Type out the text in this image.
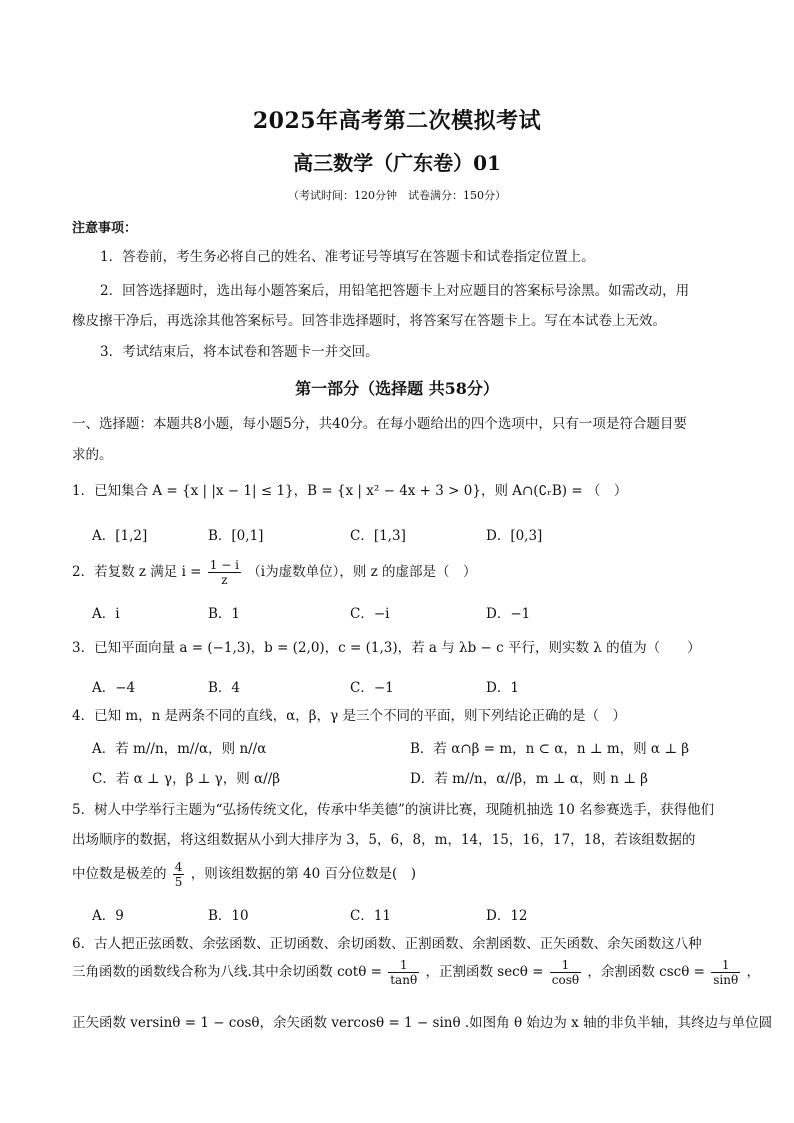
2025年高考第二次模拟考试
高三数学（广东卷）01
（考试时间：120分钟　试卷满分：150分）
注意事项：
1．答卷前，考生务必将自己的姓名、准考证号等填写在答题卡和试卷指定位置上。
2．回答选择题时，选出每小题答案后，用铅笔把答题卡上对应题目的答案标号涂黑。如需改动，用
橡皮擦干净后，再选涂其他答案标号。回答非选择题时，将答案写在答题卡上。写在本试卷上无效。
3．考试结束后，将本试卷和答题卡一并交回。
第一部分（选择题 共58分）
一、选择题：本题共8小题，每小题5分，共40分。在每小题给出的四个选项中，只有一项是符合题目要
求的。
1．已知集合 A = {x | |x − 1| ≤ 1}，B = {x | x² − 4x + 3 > 0}，则 A∩(∁ᵣB) = （　）
A．[1,2]	B．[0,1]	C．[1,3]	D．[0,3]
2．若复数 z 满足 $i = \frac{1 - i}{z} (i$为虚数单位），则 z 的虚部是（　）
A．i	B．1	C．−i	D．−1
3．已知平面向量 a = (−1,3)，b = (2,0)，c = (1,3)，若 a 与 λb − c 平行，则实数 λ 的值为（　　）
A．−4	B．4	C．−1	D．1
4．已知 m，n 是两条不同的直线，α，β，γ 是三个不同的平面，则下列结论正确的是（　）
A．若 m//n，m//α，则 n//α	B．若 α∩β = m，n ⊂ α，n ⊥ m，则 α ⊥ β
C．若 α ⊥ γ，β ⊥ γ，则 α//β	D．若 m//n，α//β，m ⊥ α，则 n ⊥ β
5．树人中学举行主题为“弘扬传统文化，传承中华美德”的演讲比赛，现随机抽选 10 名参赛选手，获得他们
出场顺序的数据，将这组数据从小到大排序为 3，5，6，8，m，14，15，16，17，18，若该组数据的
中位数是极差的 $\frac{4}{5}$ ，则该组数据的第 40 百分位数是(　)
A．9	B．10	C．11	D．12
6．古人把正弦函数、余弦函数、正切函数、余切函数、正割函数、余割函数、正矢函数、余矢函数这八种
三角函数的函数线合称为八线.其中余切函数 $\cot\theta = \frac{1}{\tan\theta}$ ，正割函数 $\sec\theta = \frac{1}{\cos\theta}$ ，余割函数 $\csc\theta = \frac{1}{\sin\theta}$ ，
正矢函数 versinθ = 1 − cosθ，余矢函数 vercosθ = 1 − sinθ .如图角 θ 始边为 x 轴的非负半轴，其终边与单位圆
